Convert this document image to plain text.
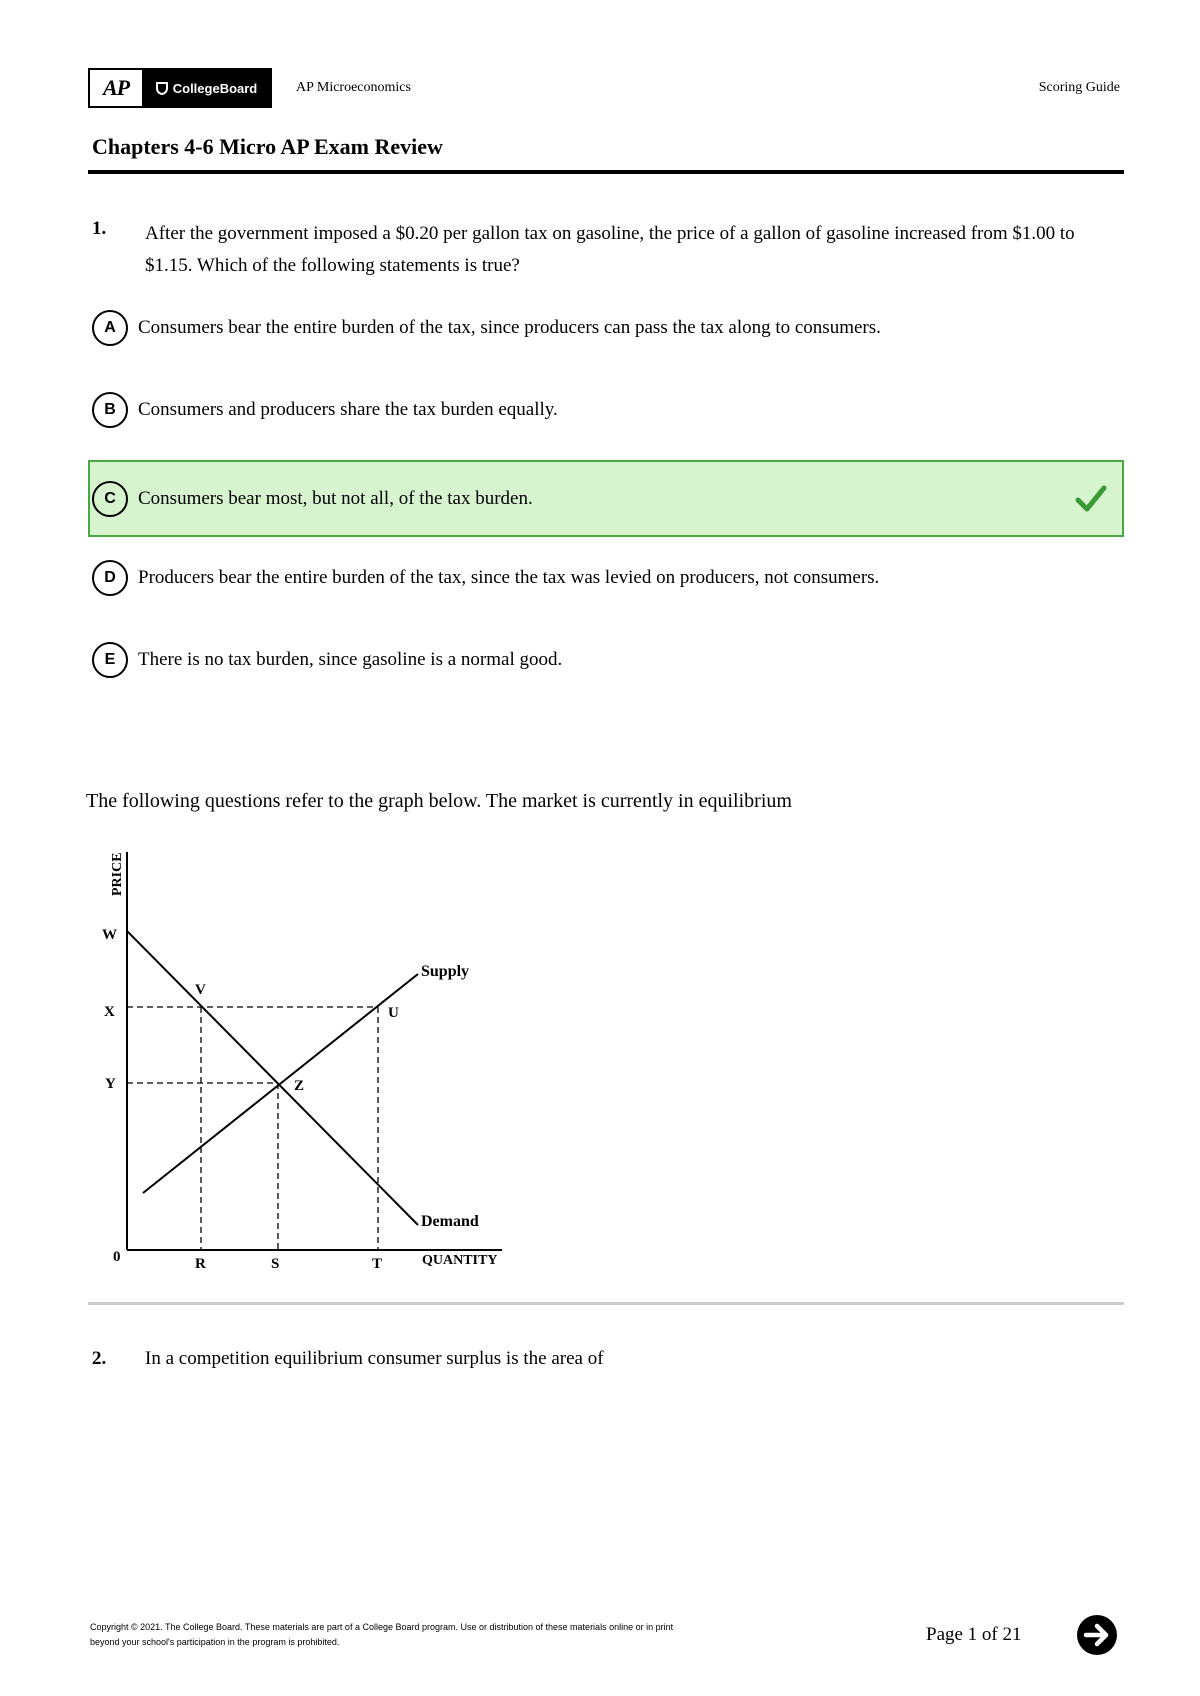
AP	CollegeBoard	AP Microeconomics	Scoring Guide
Chapters 4-6 Micro AP Exam Review
1. After the government imposed a $0.20 per gallon tax on gasoline, the price of a gallon of gasoline increased from $1.00 to $1.15. Which of the following statements is true?
A	Consumers bear the entire burden of the tax, since producers can pass the tax along to consumers.
B	Consumers and producers share the tax burden equally.
C	Consumers bear most, but not all, of the tax burden.
D	Producers bear the entire burden of the tax, since the tax was levied on producers, not consumers.
E	There is no tax burden, since gasoline is a normal good.
The following questions refer to the graph below. The market is currently in equilibrium
PRICE
QUANTITY
0
W
X
Y
R	S	T
Supply
Demand
V
U
Z
2. In a competition equilibrium consumer surplus is the area of
Copyright © 2021. The College Board. These materials are part of a College Board program. Use or distribution of these materials online or in print
beyond your school's participation in the program is prohibited.	Page 1 of 21
